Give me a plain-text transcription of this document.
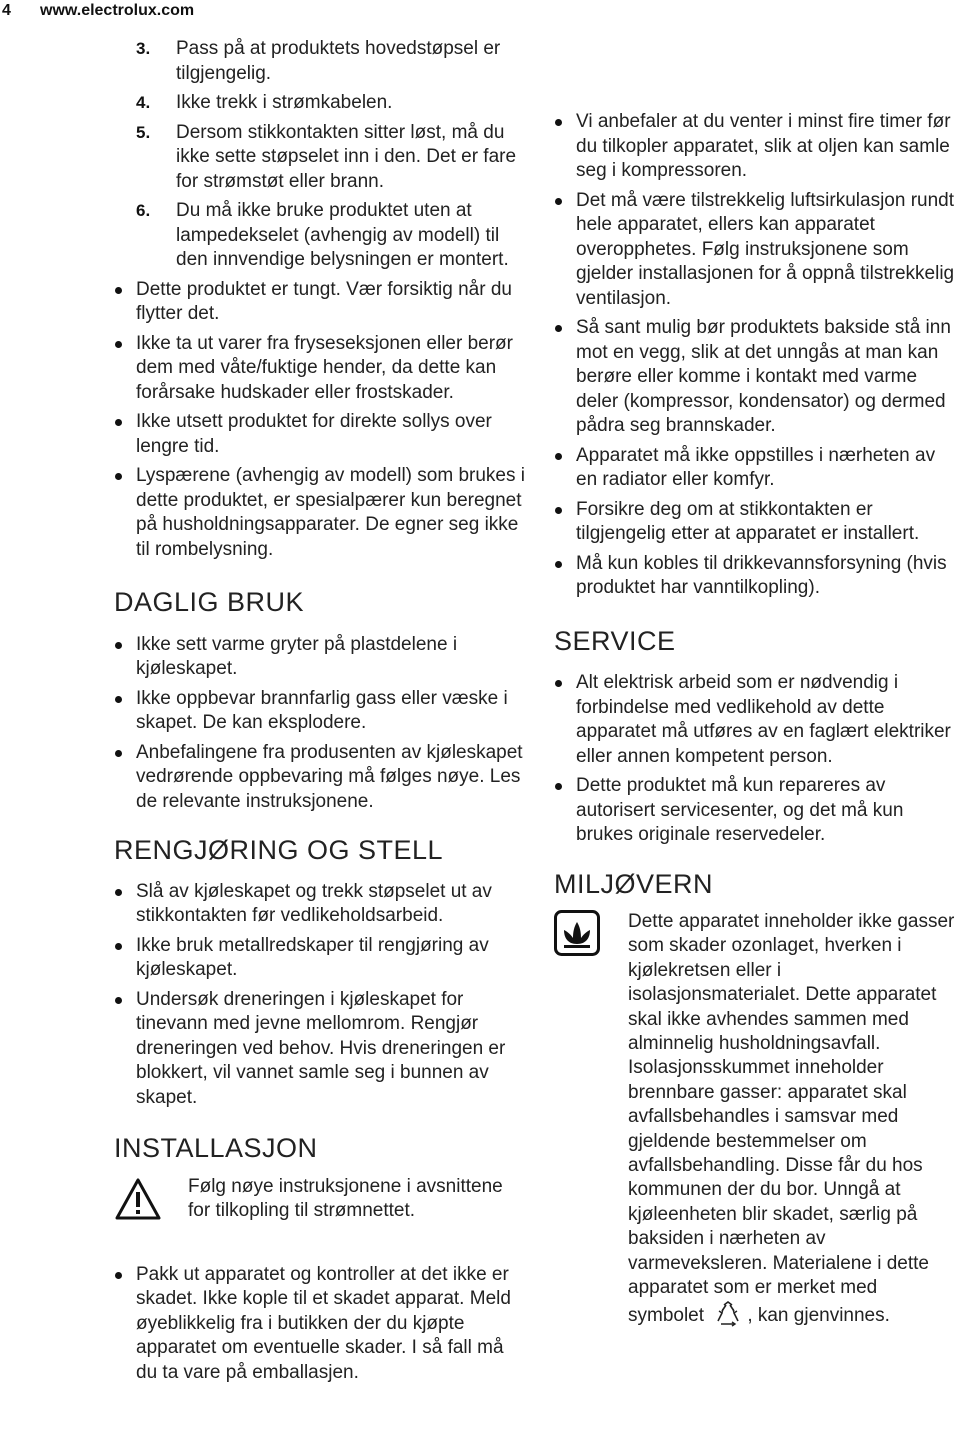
4 www.electrolux.com
3. Pass på at produktets hovedstøpsel er tilgjengelig.
4. Ikke trekk i strømkabelen.
5. Dersom stikkontakten sitter løst, må du ikke sette støpselet inn i den. Det er fare for strømstøt eller brann.
6. Du må ikke bruke produktet uten at lampedekselet (avhengig av modell) til den innvendige belysningen er montert.
Dette produktet er tungt. Vær forsiktig når du flytter det.
Ikke ta ut varer fra fryseseksjonen eller berør dem med våte/fuktige hender, da dette kan forårsake hudskader eller frostskader.
Ikke utsett produktet for direkte sollys over lengre tid.
Lyspærene (avhengig av modell) som brukes i dette produktet, er spesialpærer kun beregnet på husholdningsapparater. De egner seg ikke til rombelysning.
DAGLIG BRUK
Ikke sett varme gryter på plastdelene i kjøleskapet.
Ikke oppbevar brannfarlig gass eller væske i skapet. De kan eksplodere.
Anbefalingene fra produsenten av kjøleskapet vedrørende oppbevaring må følges nøye. Les de relevante instruksjonene.
RENGJØRING OG STELL
Slå av kjøleskapet og trekk støpselet ut av stikkontakten før vedlikeholdsarbeid.
Ikke bruk metallredskaper til rengjøring av kjøleskapet.
Undersøk dreneringen i kjøleskapet for tinevann med jevne mellomrom. Rengjør dreneringen ved behov. Hvis dreneringen er blokkert, vil vannet samle seg i bunnen av skapet.
INSTALLASJON
Følg nøye instruksjonene i avsnittene for tilkopling til strømnettet.
Pakk ut apparatet og kontroller at det ikke er skadet. Ikke kople til et skadet apparat. Meld øyeblikkelig fra i butikken der du kjøpte apparatet om eventuelle skader. I så fall må du ta vare på emballasjen.
Vi anbefaler at du venter i minst fire timer før du tilkopler apparatet, slik at oljen kan samle seg i kompressoren.
Det må være tilstrekkelig luftsirkulasjon rundt hele apparatet, ellers kan apparatet overopphetes. Følg instruksjonene som gjelder installasjonen for å oppnå tilstrekkelig ventilasjon.
Så sant mulig bør produktets bakside stå inn mot en vegg, slik at det unngås at man kan berøre eller komme i kontakt med varme deler (kompressor, kondensator) og dermed pådra seg brannskader.
Apparatet må ikke oppstilles i nærheten av en radiator eller komfyr.
Forsikre deg om at stikkontakten er tilgjengelig etter at apparatet er installert.
Må kun kobles til drikkevannsforsyning (hvis produktet har vanntilkopling).
SERVICE
Alt elektrisk arbeid som er nødvendig i forbindelse med vedlikehold av dette apparatet må utføres av en faglært elektriker eller annen kompetent person.
Dette produktet må kun repareres av autorisert servicesenter, og det må kun brukes originale reservedeler.
MILJØVERN
Dette apparatet inneholder ikke gasser som skader ozonlaget, hverken i kjølekretsen eller i isolasjonsmaterialet. Dette apparatet skal ikke avhendes sammen med alminnelig husholdningsavfall. Isolasjonsskummet inneholder brennbare gasser: apparatet skal avfallsbehandles i samsvar med gjeldende bestemmelser om avfallsbehandling. Disse får du hos kommunen der du bor. Unngå at kjøleenheten blir skadet, særlig på baksiden i nærheten av varmeveksleren. Materialene i dette apparatet som er merket med symbolet , kan gjenvinnes.
